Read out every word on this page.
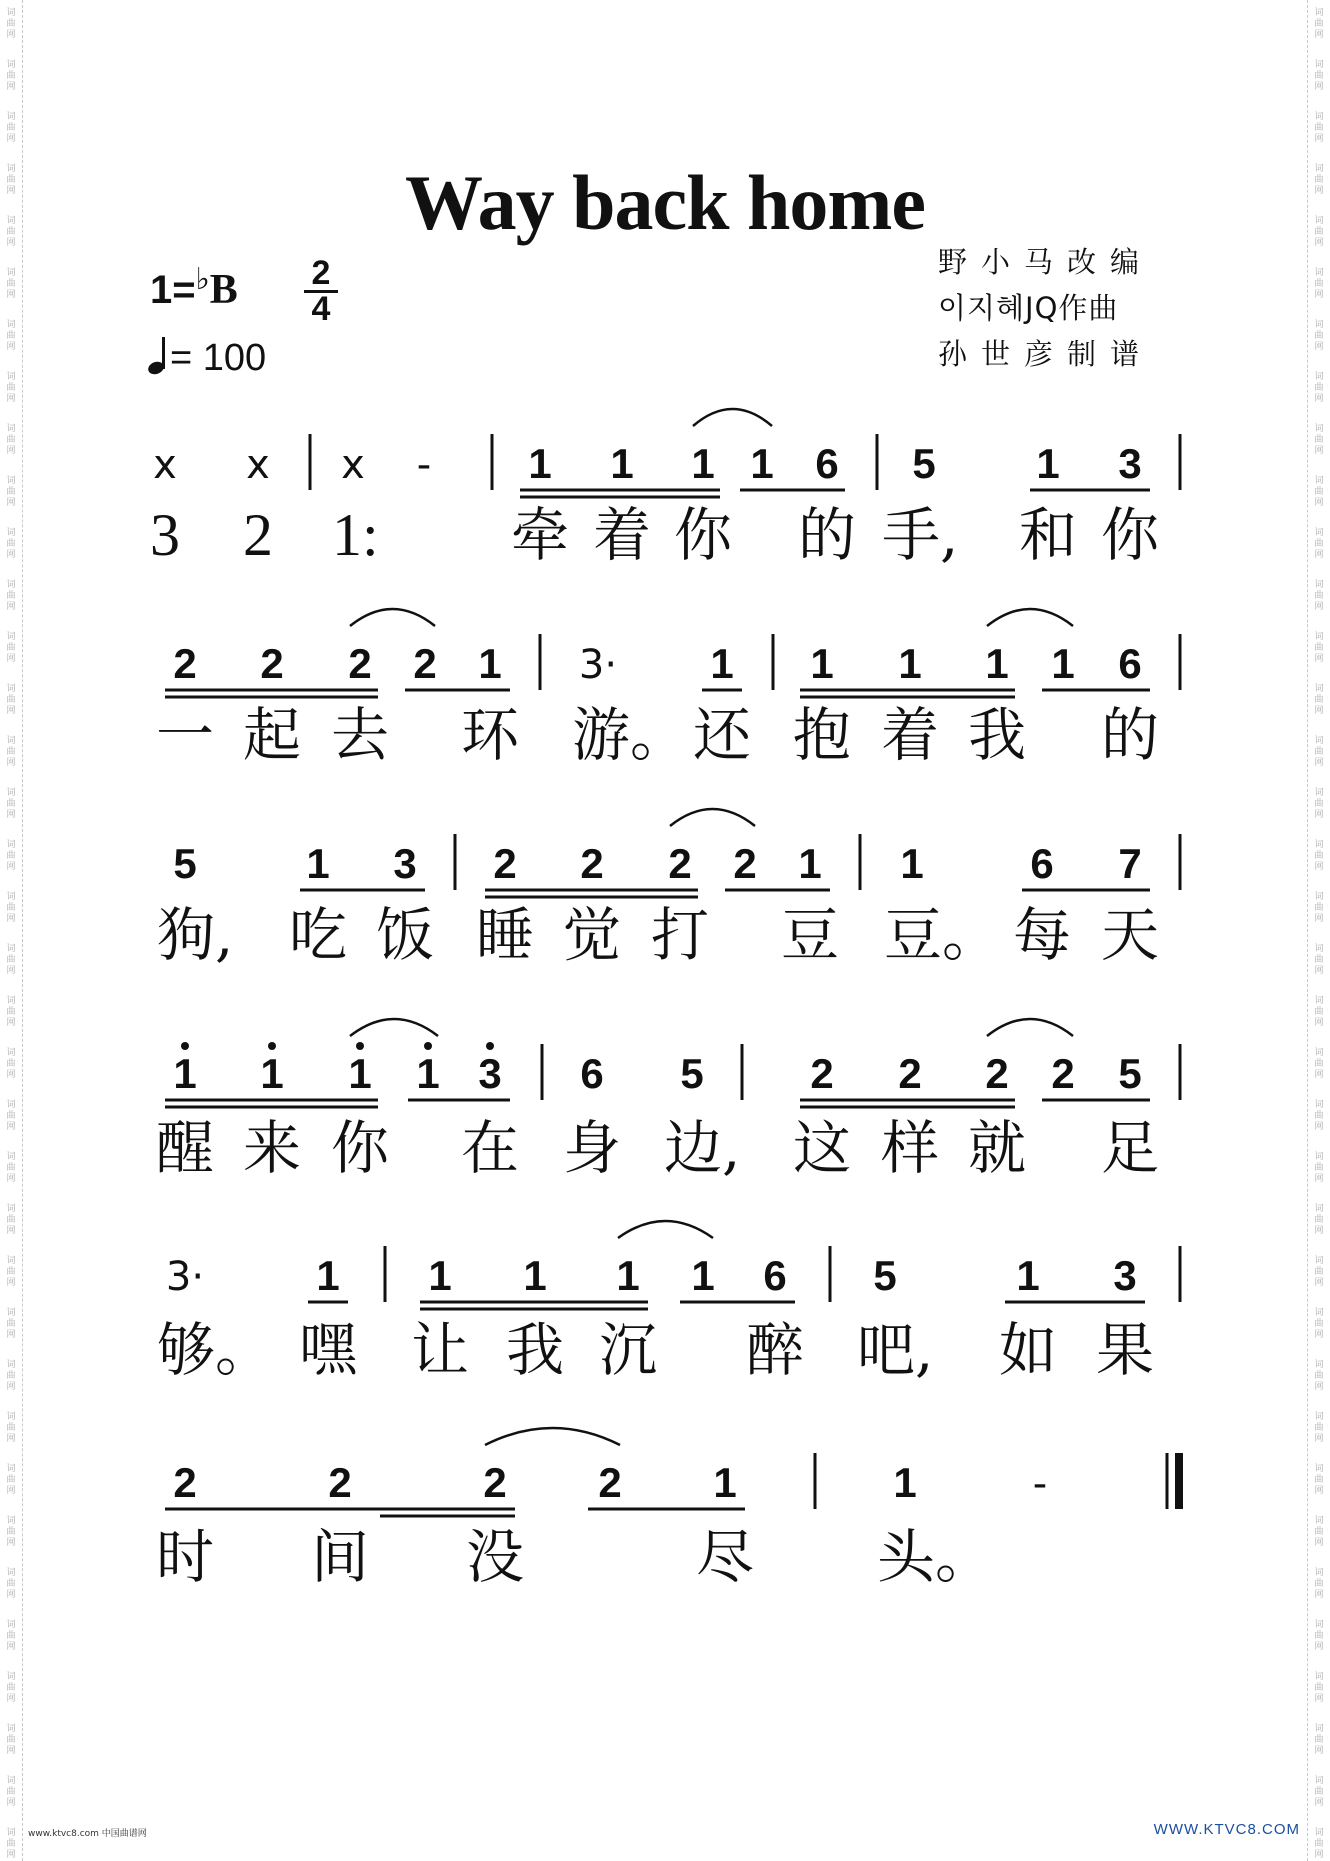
词
曲
网
词
曲
网
词
曲
网
词
曲
网
词
曲
网
词
曲
网
词
曲
网
词
曲
网
词
曲
网
词
曲
网
词
曲
网
词
曲
网
词
曲
网
词
曲
网
词
曲
网
词
曲
网
词
曲
网
词
曲
网
词
曲
网
词
曲
网
词
曲
网
词
曲
网
词
曲
网
词
曲
网
词
曲
网
词
曲
网
词
曲
网
词
曲
网
词
曲
网
词
曲
网
词
曲
网
词
曲
网
词
曲
网
词
曲
网
词
曲
网
词
曲
网
词
曲
网
词
曲
网
词
曲
网
词
曲
网
词
曲
网
词
曲
网
词
曲
网
词
曲
网
词
曲
网
词
曲
网
词
曲
网
词
曲
网
词
曲
网
词
曲
网
词
曲
网
词
曲
网
词
曲
网
词
曲
网
词
曲
网
词
曲
网
词
曲
网
词
曲
网
词
曲
网
词
曲
网
词
曲
网
词
曲
网
词
曲
网
词
曲
网
词
曲
网
词
曲
网
词
曲
网
词
曲
网
词
曲
网
词
曲
网
词
曲
网
词
曲
网
Way back home
1=♭B 2
4
= 100
野小马改编
이지혜JQ作曲
孙世彦制谱
x x x - 1 1 1 1 6 5 1 3
3 2 1: 牵 着 你 的 手, 和 你
2 2 2 2 1 3· 1 1 1 1 1 6
一 起 去 环 游。 还 抱 着 我 的
5	1 3 2 2 2 2 1 1	6 7
狗, 吃 饭 睡 觉 打 豆 豆。 每 天
1 1 1 1 3 6 5	2 2 2 2 5
醒 来 你 在 身 边, 这 样 就 足
3·	1 1 1 1 1 6 5	1 3
够。 嘿 让 我 沉 醉 吧, 如 果
2	2	2 2 1	1	-
时 间 没	尽 头。
www.ktvc8.com 中国曲谱网	WWW.KTVC8.COM
